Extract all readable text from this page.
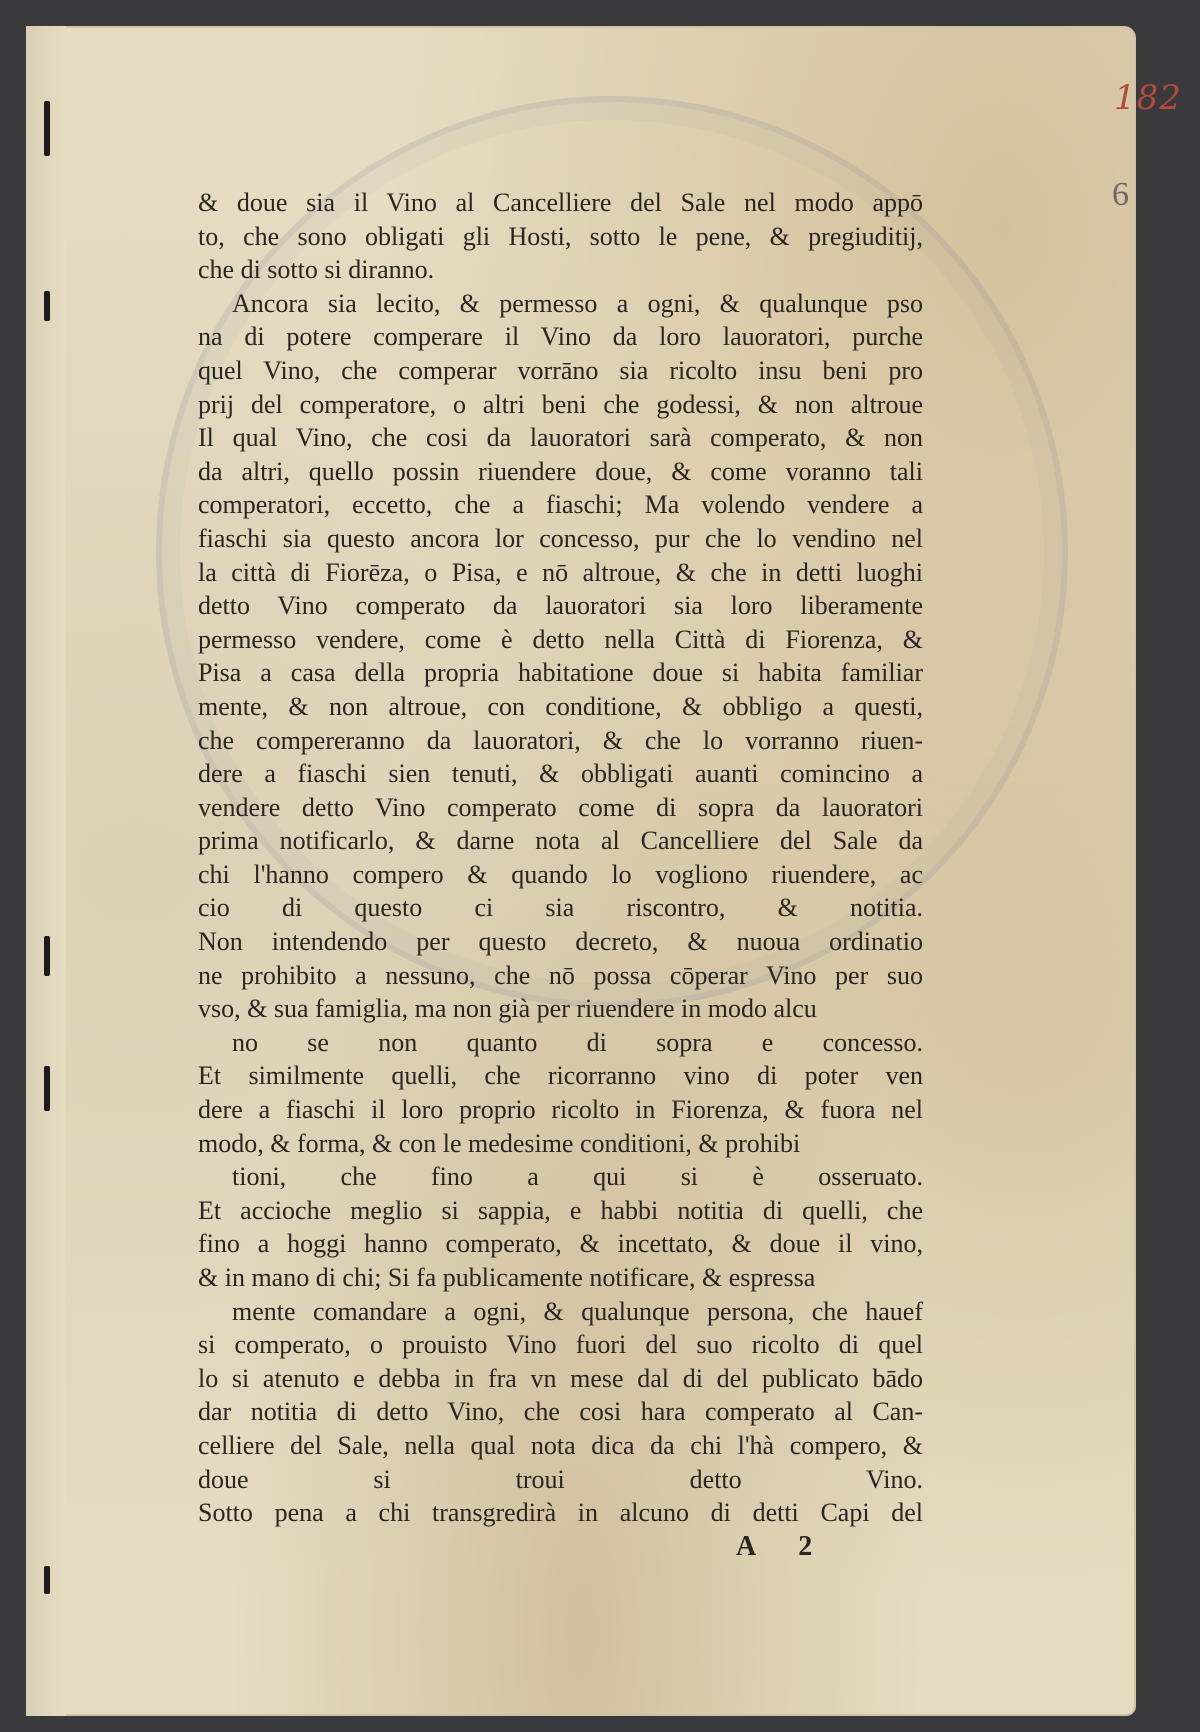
182
6
& doue sia il Vino al Cancelliere del Sale nel modo appō
to, che sono obligati gli Hosti, sotto le pene, & pregiuditij,
che di sotto si diranno.
Ancora sia lecito, & permesso a ogni, & qualunque pso
na di potere comperare il Vino da loro lauoratori, purche
quel Vino, che comperar vorrāno sia ricolto insu beni pro
prij del comperatore, o altri beni che godessi, & non altroue
Il qual Vino, che cosi da lauoratori sarà comperato, & non
da altri, quello possin riuendere doue, & come voranno tali
comperatori, eccetto, che a fiaschi; Ma volendo vendere a
fiaschi sia questo ancora lor concesso, pur che lo vendino nel
la città di Fiorēza, o Pisa, e nō altroue, & che in detti luoghi
detto Vino comperato da lauoratori sia loro liberamente
permesso vendere, come è detto nella Città di Fiorenza, &
Pisa a casa della propria habitatione doue si habita familiar
mente, & non altroue, con conditione, & obbligo a questi,
che compereranno da lauoratori, & che lo vorranno riuen-
dere a fiaschi sien tenuti, & obbligati auanti comincino a
vendere detto Vino comperato come di sopra da lauoratori
prima notificarlo, & darne nota al Cancelliere del Sale da
chi l'hanno compero & quando lo vogliono riuendere, ac
cio di questo ci sia riscontro, & notitia.
Non intendendo per questo decreto, & nuoua ordinatio
ne prohibito a nessuno, che nō possa cōperar Vino per suo
vso, & sua famiglia, ma non già per riuendere in modo alcu
no se non quanto di sopra e concesso.
Et similmente quelli, che ricorranno vino di poter ven
dere a fiaschi il loro proprio ricolto in Fiorenza, & fuora nel
modo, & forma, & con le medesime conditioni, & prohibi
tioni, che fino a qui si è osseruato.
Et accioche meglio si sappia, e habbi notitia di quelli, che
fino a hoggi hanno comperato, & incettato, & doue il vino,
& in mano di chi; Si fa publicamente notificare, & espressa
mente comandare a ogni, & qualunque persona, che hauef
si comperato, o prouisto Vino fuori del suo ricolto di quel
lo si atenuto e debba in fra vn mese dal di del publicato bādo
dar notitia di detto Vino, che cosi hara comperato al Can-
celliere del Sale, nella qual nota dica da chi l'hà compero, &
doue si troui detto Vino.
Sotto pena a chi transgredirà in alcuno di detti Capi del
A 2
